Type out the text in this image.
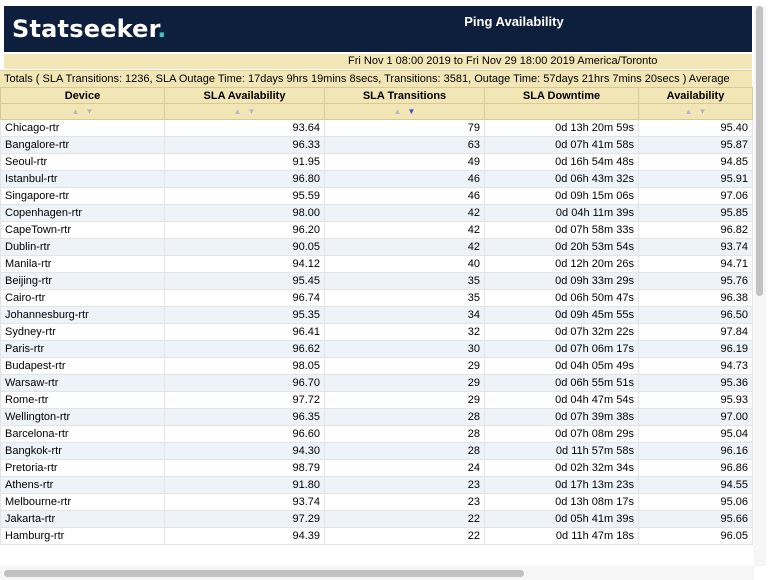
Statseeker.	Ping Availability
Fri Nov 1 08:00 2019 to Fri Nov 29 18:00 2019 America/Toronto
Totals ( SLA Transitions: 1236, SLA Outage Time: 17days 9hrs 19mins 8secs, Transitions: 3581, Outage Time: 57days 21hrs 7mins 20secs ) Average
Device	SLA Availability	SLA Transitions	SLA Downtime	Availability
▲ ▼	▲ ▼	▲ ▼		▲ ▼
Chicago-rtr	93.64	79	0d 13h 20m 59s	95.40
Bangalore-rtr	96.33	63	0d 07h 41m 58s	95.87
Seoul-rtr	91.95	49	0d 16h 54m 48s	94.85
Istanbul-rtr	96.80	46	0d 06h 43m 32s	95.91
Singapore-rtr	95.59	46	0d 09h 15m 06s	97.06
Copenhagen-rtr	98.00	42	0d 04h 11m 39s	95.85
CapeTown-rtr	96.20	42	0d 07h 58m 33s	96.82
Dublin-rtr	90.05	42	0d 20h 53m 54s	93.74
Manila-rtr	94.12	40	0d 12h 20m 26s	94.71
Beijing-rtr	95.45	35	0d 09h 33m 29s	95.76
Cairo-rtr	96.74	35	0d 06h 50m 47s	96.38
Johannesburg-rtr	95.35	34	0d 09h 45m 55s	96.50
Sydney-rtr	96.41	32	0d 07h 32m 22s	97.84
Paris-rtr	96.62	30	0d 07h 06m 17s	96.19
Budapest-rtr	98.05	29	0d 04h 05m 49s	94.73
Warsaw-rtr	96.70	29	0d 06h 55m 51s	95.36
Rome-rtr	97.72	29	0d 04h 47m 54s	95.93
Wellington-rtr	96.35	28	0d 07h 39m 38s	97.00
Barcelona-rtr	96.60	28	0d 07h 08m 29s	95.04
Bangkok-rtr	94.30	28	0d 11h 57m 58s	96.16
Pretoria-rtr	98.79	24	0d 02h 32m 34s	96.86
Athens-rtr	91.80	23	0d 17h 13m 23s	94.55
Melbourne-rtr	93.74	23	0d 13h 08m 17s	95.06
Jakarta-rtr	97.29	22	0d 05h 41m 39s	95.66
Hamburg-rtr	94.39	22	0d 11h 47m 18s	96.05
